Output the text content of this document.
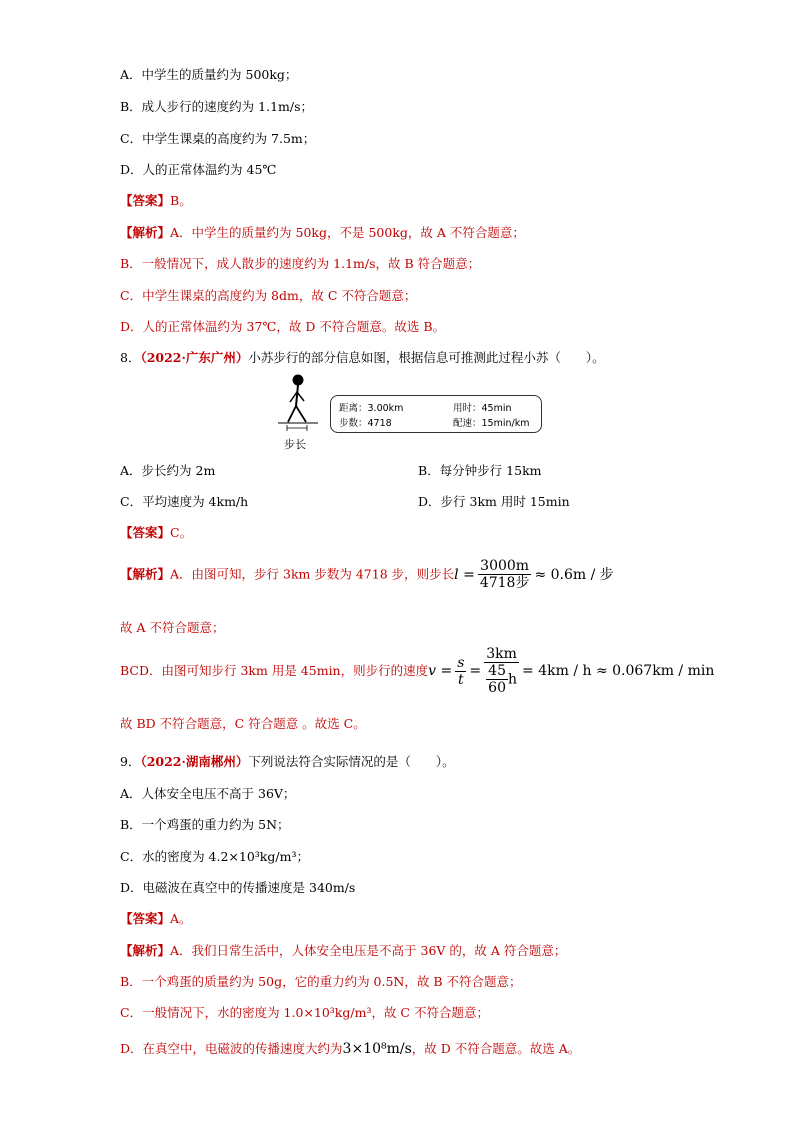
A．中学生的质量约为 500kg；
B．成人步行的速度约为 1.1m/s；
C．中学生课桌的高度约为 7.5m；
D．人的正常体温约为 45℃
【答案】B。
【解析】A．中学生的质量约为 50kg，不是 500kg，故 A 不符合题意；
B．一般情况下，成人散步的速度约为 1.1m/s，故 B 符合题意；
C．中学生课桌的高度约为 8dm，故 C 不符合题意；
D．人的正常体温约为 37℃，故 D 不符合题意。故选 B。
8．（2022·广东广州）小苏步行的部分信息如图，根据信息可推测此过程小苏（　　）。
步长
距离：3.00km
步数：4718
用时：45min
配速：15min/km
A．步长约为 2m	B．每分钟步行 15km
C．平均速度为 4km/h	D．步行 3km 用时 15min
【答案】C。
【解析】A．由图可知，步行 3km 步数为 4718 步，则步长$l = \frac{3000m}{\text{4718步}} \approx 0.6m$ / 步
故 A 不符合题意；
BCD．由图可知步行 3km 用是 45min，则步行的速度$v = \frac{s}{t} = \frac{3km}{\frac{45}{60} h} = 4km / h \approx 0.067km / \min$
故 BD 不符合题意，C 符合题意 。故选 C。
9．（2022·湖南郴州）下列说法符合实际情况的是（　　）。
A．人体安全电压不高于 36V；
B．一个鸡蛋的重力约为 5N；
C．水的密度为 4.2×10³kg/m³；
D．电磁波在真空中的传播速度是 340m/s
【答案】A。
【解析】A．我们日常生活中，人体安全电压是不高于 36V 的，故 A 符合题意；
B．一个鸡蛋的质量约为 50g，它的重力约为 0.5N，故 B 不符合题意；
C．一般情况下，水的密度为 1.0×10³kg/m³，故 C 不符合题意；
D．在真空中，电磁波的传播速度大约为3×10⁸m/s，故 D 不符合题意。故选 A。
